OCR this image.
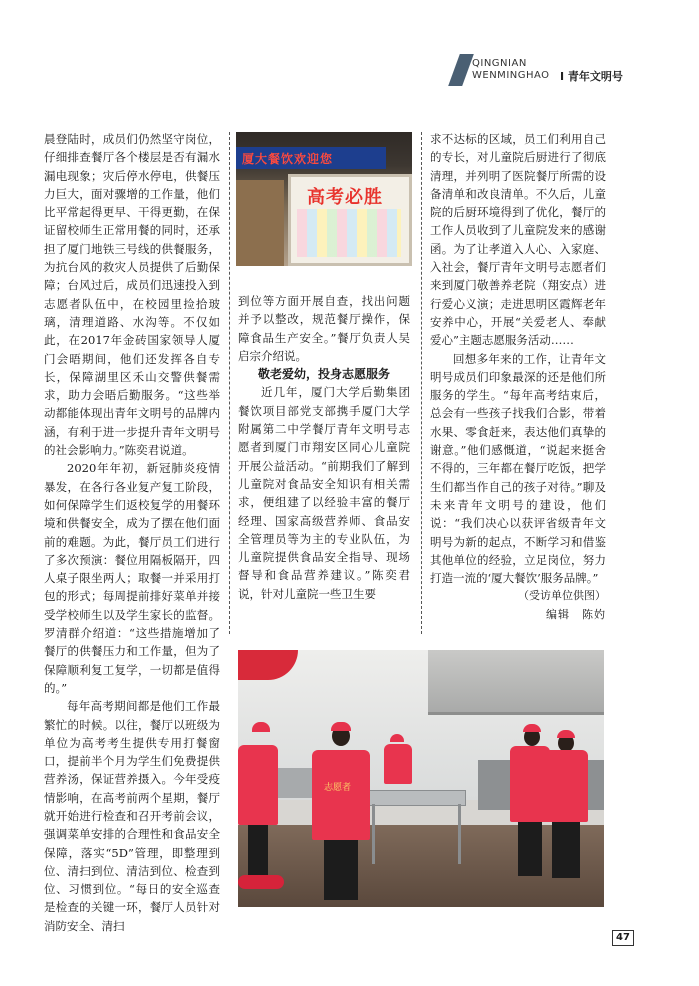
QINGNIAN
WENMINGHAO I 青年文明号

晨登陆时，成员们仍然坚守岗位，仔细排查餐厅各个楼层是否有漏水漏电现象；灾后停水停电，供餐压力巨大，面对骤增的工作量，他们比平常起得更早、干得更勤，在保证留校师生正常用餐的同时，还承担了厦门地铁三号线的供餐服务，为抗台风的救灾人员提供了后勤保障；台风过后，成员们迅速投入到志愿者队伍中，在校园里捡拾玻璃，清理道路、水沟等。不仅如此，在2017年金砖国家领导人厦门会晤期间，他们还发挥各自专长，保障湖里区禾山交警供餐需求，助力会晤后勤服务。“这些举动都能体现出青年文明号的品牌内涵，有利于进一步提升青年文明号的社会影响力。”陈奕君说道。

2020年年初，新冠肺炎疫情暴发，在各行各业复产复工阶段，如何保障学生们返校复学的用餐环境和供餐安全，成为了摆在他们面前的难题。为此，餐厅员工们进行了多次预演：餐位用隔板隔开，四人桌子限坐两人；取餐一并采用打包的形式；每周提前排好菜单并接受学校师生以及学生家长的监督。罗清群介绍道：“这些措施增加了餐厅的供餐压力和工作量，但为了保障顺利复工复学，一切都是值得的。”

每年高考期间都是他们工作最繁忙的时候。以往，餐厅以班级为单位为高考考生提供专用打餐窗口，提前半个月为学生们免费提供营养汤，保证营养摄入。今年受疫情影响，在高考前两个星期，餐厅就开始进行检查和召开考前会议，强调菜单安排的合理性和食品安全保障，落实“5D”管理，即整理到位、清扫到位、清洁到位、检查到位、习惯到位。“每日的安全巡查是检查的关键一环，餐厅人员针对消防安全、清扫

厦大餐饮欢迎您
高考必胜

到位等方面开展自查，找出问题并予以整改，规范餐厅操作，保障食品生产安全。”餐厅负责人吴启宗介绍说。

敬老爱幼，投身志愿服务

近几年，厦门大学后勤集团餐饮项目部党支部携手厦门大学附属第二中学餐厅青年文明号志愿者到厦门市翔安区同心儿童院开展公益活动。“前期我们了解到儿童院对食品安全知识有相关需求，便组建了以经验丰富的餐厅经理、国家高级营养师、食品安全管理员等为主的专业队伍，为儿童院提供食品安全指导、现场督导和食品营养建议。”陈奕君说，针对儿童院一些卫生要

求不达标的区域，员工们利用自己的专长，对儿童院后厨进行了彻底清理，并列明了医院餐厅所需的设备清单和改良清单。不久后，儿童院的后厨环境得到了优化，餐厅的工作人员收到了儿童院发来的感谢函。为了让孝道入人心、入家庭、入社会，餐厅青年文明号志愿者们来到厦门敬善养老院（翔安点）进行爱心义演；走进思明区霞辉老年安养中心，开展“关爱老人、奉献爱心”主题志愿服务活动……

回想多年来的工作，让青年文明号成员们印象最深的还是他们所服务的学生。“每年高考结束后，总会有一些孩子找我们合影，带着水果、零食赶来，表达他们真挚的谢意。”他们感慨道，“说起来挺舍不得的，三年都在餐厅吃饭，把学生们都当作自己的孩子对待。”聊及未来青年文明号的建设，他们说：“我们决心以获评省级青年文明号为新的起点，不断学习和借鉴其他单位的经验，立足岗位，努力打造一流的‘厦大餐饮’服务品牌。”

（受访单位供图）

编辑　陈妁

志愿者
47
